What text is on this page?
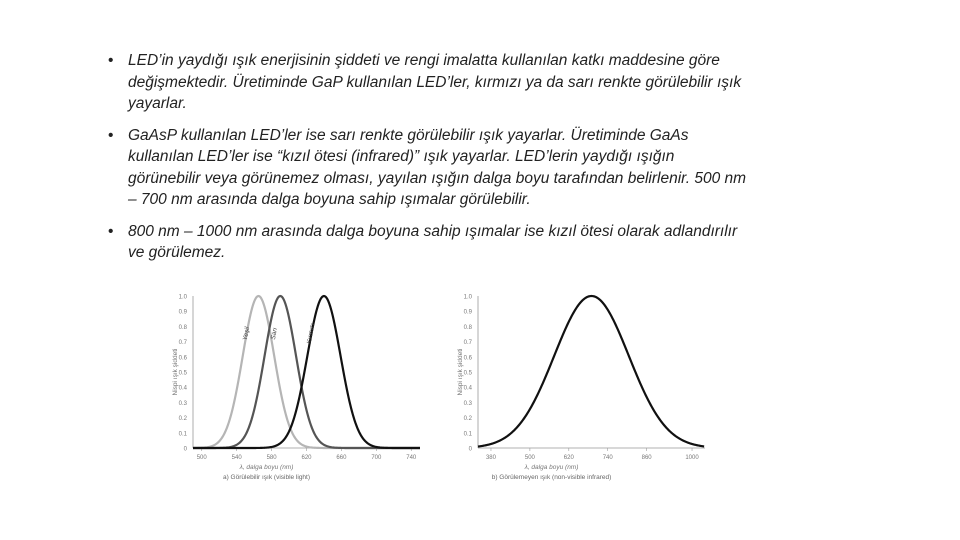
• LED’in yaydığı ışık enerjisinin şiddeti ve rengi imalatta kullanılan katkı maddesine göre değişmektedir. Üretiminde GaP kullanılan LED’ler, kırmızı ya da sarı renkte görülebilir ışık yayarlar.
• GaAsP kullanılan LED’ler ise sarı renkte görülebilir ışık yayarlar. Üretiminde GaAs kullanılan LED’ler ise “kızıl ötesi (infrared)” ışık yayarlar. LED’lerin yaydığı ışığın görünebilir veya görünemez olması, yayılan ışığın dalga boyu tarafından belirlenir. 500 nm – 700 nm arasında dalga boyuna sahip ışımalar görülebilir.
• 800 nm – 1000 nm arasında dalga boyuna sahip ışımalar ise kızıl ötesi olarak adlandırılır ve görülemez.
0
0.1
0.2
0.3
0.4
0.5
0.6
0.7
0.8
0.9
1.0
500	540	580	620	660	700	740
Nispi ışık şiddeti
λ, dalga boyu (nm)
a) Görülebilir ışık (visible light)
Yeşil	Sarı	Kırmızı
0
0.1
0.2
0.3
0.4
0.5
0.6
0.7
0.8
0.9
1.0
380	500	620	740	860	1000
Nispi ışık şiddeti
λ, dalga boyu (nm)
b) Görülemeyen ışık (non-visible infrared)
